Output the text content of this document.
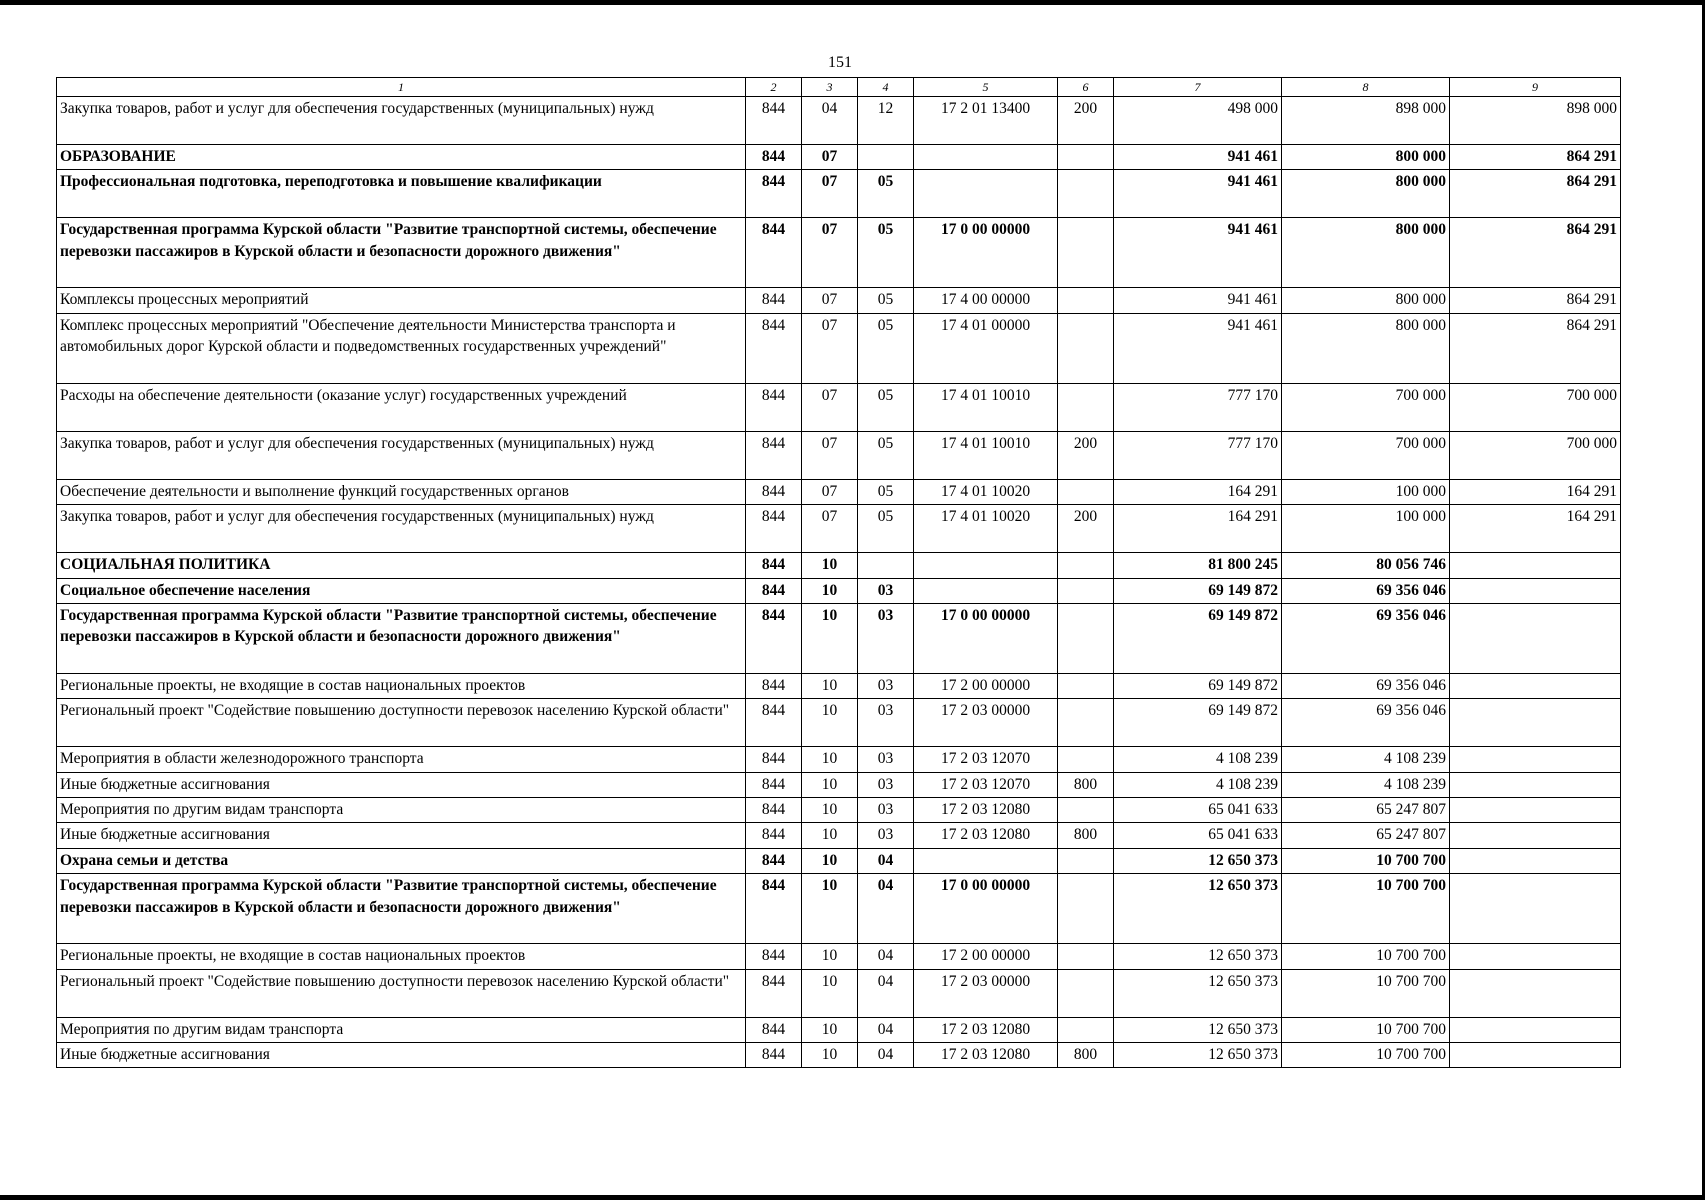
151
1	2	3	4	5	6	7	8	9
Закупка товаров, работ и услуг для обеспечения государственных (муниципальных) нужд	844	04	12	17 2 01 13400	200	498 000	898 000	898 000
ОБРАЗОВАНИЕ	844	07				941 461	800 000	864 291
Профессиональная подготовка, переподготовка и повышение квалификации	844	07	05			941 461	800 000	864 291
Государственная программа Курской области "Развитие транспортной системы, обеспечение перевозки пассажиров в Курской области и безопасности дорожного движения"	844	07	05	17 0 00 00000		941 461	800 000	864 291
Комплексы процессных мероприятий	844	07	05	17 4 00 00000		941 461	800 000	864 291
Комплекс процессных мероприятий "Обеспечение деятельности Министерства транспорта и автомобильных дорог Курской области и подведомственных государственных учреждений"	844	07	05	17 4 01 00000		941 461	800 000	864 291
Расходы на обеспечение деятельности (оказание услуг) государственных учреждений	844	07	05	17 4 01 10010		777 170	700 000	700 000
Закупка товаров, работ и услуг для обеспечения государственных (муниципальных) нужд	844	07	05	17 4 01 10010	200	777 170	700 000	700 000
Обеспечение деятельности и выполнение функций государственных органов	844	07	05	17 4 01 10020		164 291	100 000	164 291
Закупка товаров, работ и услуг для обеспечения государственных (муниципальных) нужд	844	07	05	17 4 01 10020	200	164 291	100 000	164 291
СОЦИАЛЬНАЯ ПОЛИТИКА	844	10				81 800 245	80 056 746	
Социальное обеспечение населения	844	10	03			69 149 872	69 356 046	
Государственная программа Курской области "Развитие транспортной системы, обеспечение перевозки пассажиров в Курской области и безопасности дорожного движения"	844	10	03	17 0 00 00000		69 149 872	69 356 046	
Региональные проекты, не входящие в состав национальных проектов	844	10	03	17 2 00 00000		69 149 872	69 356 046	
Региональный проект "Содействие повышению доступности перевозок населению Курской области"	844	10	03	17 2 03 00000		69 149 872	69 356 046	
Мероприятия в области железнодорожного транспорта	844	10	03	17 2 03 12070		4 108 239	4 108 239	
Иные бюджетные ассигнования	844	10	03	17 2 03 12070	800	4 108 239	4 108 239	
Мероприятия по другим видам транспорта	844	10	03	17 2 03 12080		65 041 633	65 247 807	
Иные бюджетные ассигнования	844	10	03	17 2 03 12080	800	65 041 633	65 247 807	
Охрана семьи и детства	844	10	04			12 650 373	10 700 700	
Государственная программа Курской области "Развитие транспортной системы, обеспечение перевозки пассажиров в Курской области и безопасности дорожного движения"	844	10	04	17 0 00 00000		12 650 373	10 700 700	
Региональные проекты, не входящие в состав национальных проектов	844	10	04	17 2 00 00000		12 650 373	10 700 700	
Региональный проект "Содействие повышению доступности перевозок населению Курской области"	844	10	04	17 2 03 00000		12 650 373	10 700 700	
Мероприятия по другим видам транспорта	844	10	04	17 2 03 12080		12 650 373	10 700 700	
Иные бюджетные ассигнования	844	10	04	17 2 03 12080	800	12 650 373	10 700 700	
